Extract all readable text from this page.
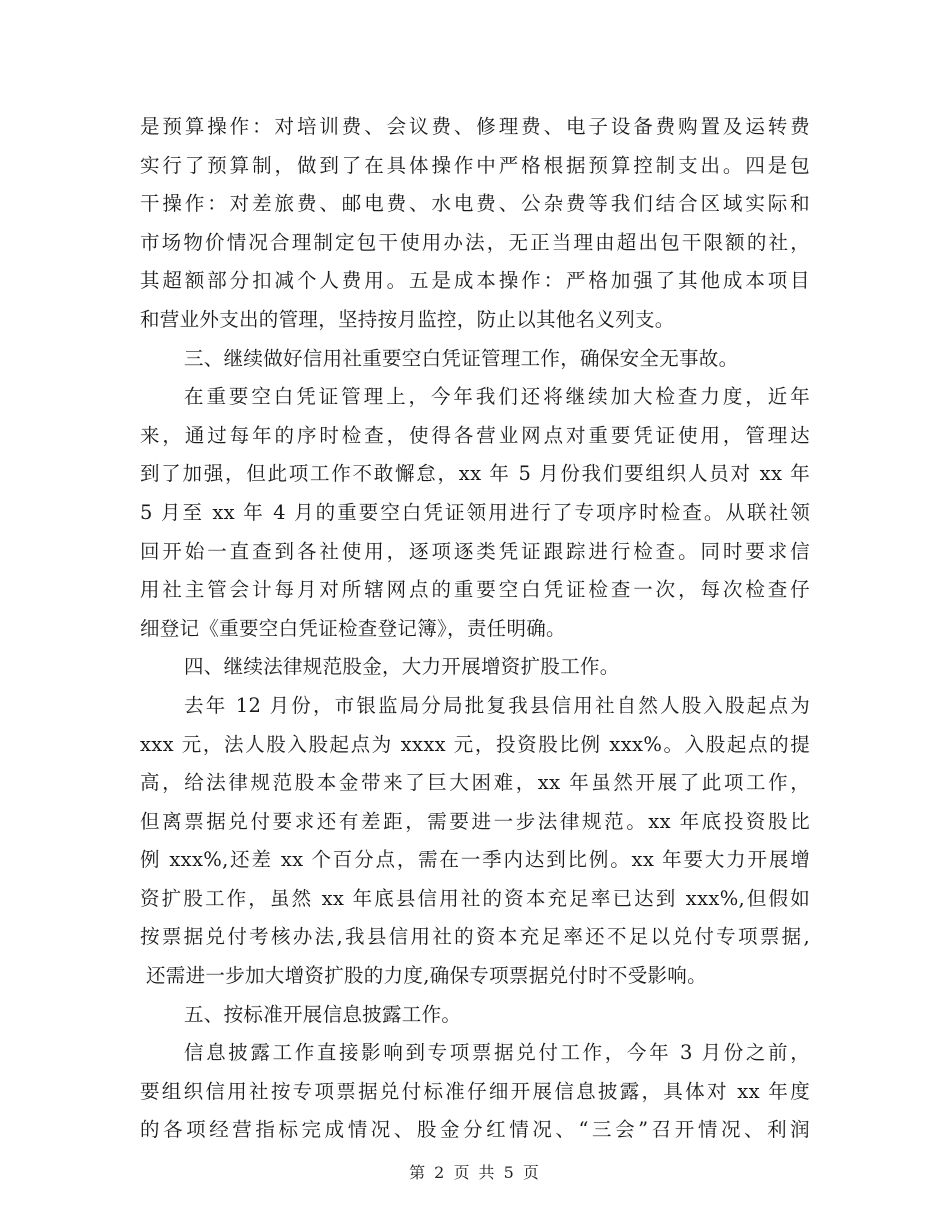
是预算操作：对培训费、会议费、修理费、电子设备费购置及运转费
实行了预算制，做到了在具体操作中严格根据预算控制支出。四是包
干操作：对差旅费、邮电费、水电费、公杂费等我们结合区域实际和
市场物价情况合理制定包干使用办法，无正当理由超出包干限额的社，
其超额部分扣减个人费用。五是成本操作：严格加强了其他成本项目
和营业外支出的管理，坚持按月监控，防止以其他名义列支。
三、继续做好信用社重要空白凭证管理工作，确保安全无事故。
在重要空白凭证管理上，今年我们还将继续加大检查力度，近年
来，通过每年的序时检查，使得各营业网点对重要凭证使用，管理达
到了加强，但此项工作不敢懈怠，xx 年 5 月份我们要组织人员对 xx 年
5 月至 xx 年 4 月的重要空白凭证领用进行了专项序时检查。从联社领
回开始一直查到各社使用，逐项逐类凭证跟踪进行检查。同时要求信
用社主管会计每月对所辖网点的重要空白凭证检查一次，每次检查仔
细登记《重要空白凭证检查登记簿》，责任明确。
四、继续法律规范股金，大力开展增资扩股工作。
去年 12 月份，市银监局分局批复我县信用社自然人股入股起点为
xxx 元，法人股入股起点为 xxxx 元，投资股比例 xxx%。入股起点的提
高，给法律规范股本金带来了巨大困难，xx 年虽然开展了此项工作，
但离票据兑付要求还有差距，需要进一步法律规范。xx 年底投资股比
例 xxx%,还差 xx 个百分点，需在一季内达到比例。xx 年要大力开展增
资扩股工作，虽然 xx 年底县信用社的资本充足率已达到 xxx%,但假如
按票据兑付考核办法,我县信用社的资本充足率还不足以兑付专项票据,
还需进一步加大增资扩股的力度,确保专项票据兑付时不受影响。
五、按标准开展信息披露工作。
信息披露工作直接影响到专项票据兑付工作，今年 3 月份之前，
要组织信用社按专项票据兑付标准仔细开展信息披露，具体对 xx 年度
的各项经营指标完成情况、股金分红情况、“三会”召开情况、利润
第 2 页 共 5 页
